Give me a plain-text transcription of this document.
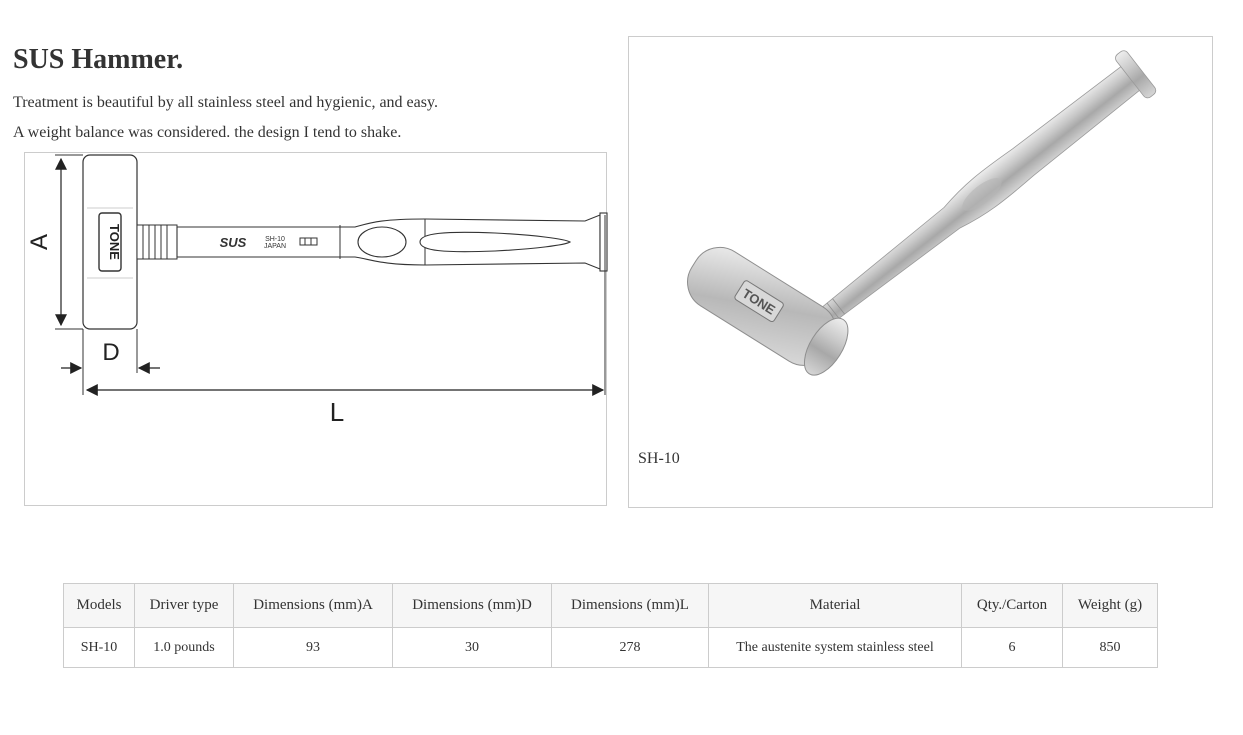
SUS Hammer.

Treatment is beautiful by all stainless steel and hygienic, and easy.

A weight balance was considered. the design I tend to shake.

TONE	SUS	SH-10
JAPAN
A
D
L
TONE
SH-10
Models	Driver type	Dimensions (mm)A	Dimensions (mm)D	Dimensions (mm)L	Material	Qty./Carton	Weight (g)
SH-10	1.0 pounds	93	30	278	The austenite system stainless steel	6	850
